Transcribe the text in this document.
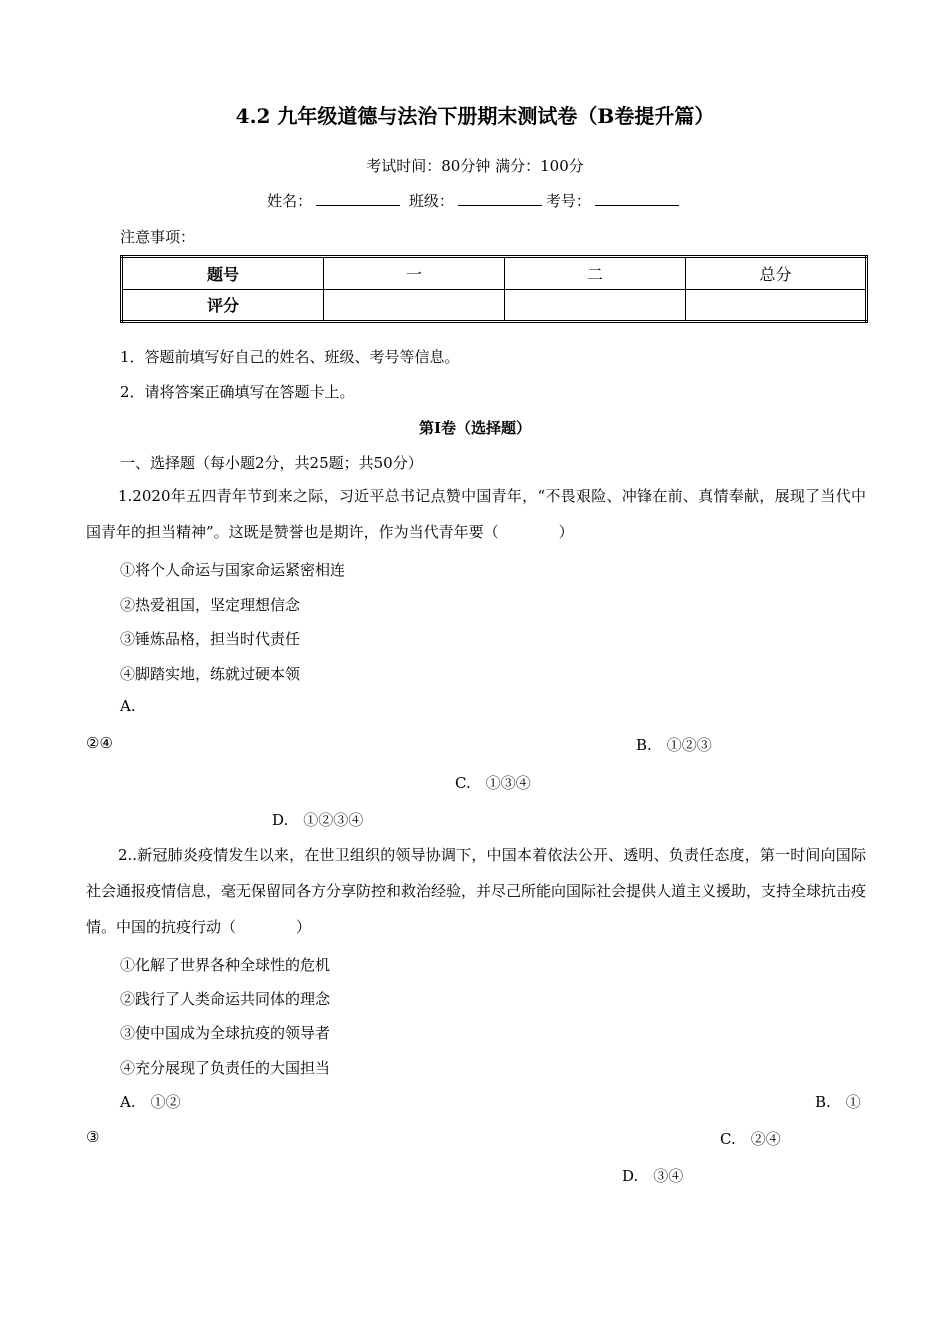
4.2 九年级道德与法治下册期末测试卷（B卷提升篇）
考试时间：80分钟 满分：100分
姓名：	班级：	考号：
注意事项：
题号	一	二	总分
评分			
1．答题前填写好自己的姓名、班级、考号等信息。
2．请将答案正确填写在答题卡上。
第I卷（选择题）
一、选择题（每小题2分，共25题；共50分）
1.2020年五四青年节到来之际，习近平总书记点赞中国青年，“不畏艰险、冲锋在前、真情奉献，展现了当代中国青年的担当精神”。这既是赞誉也是期许，作为当代青年要（　　　　）
①将个人命运与国家命运紧密相连
②热爱祖国，坚定理想信念
③锤炼品格，担当时代责任
④脚踏实地，练就过硬本领
A.
②④	B.　①②③
C.　①③④
D.　①②③④
2..新冠肺炎疫情发生以来，在世卫组织的领导协调下，中国本着依法公开、透明、负责任态度，第一时间向国际社会通报疫情信息，毫无保留同各方分享防控和救治经验，并尽己所能向国际社会提供人道主义援助，支持全球抗击疫情。中国的抗疫行动（　　　　）
①化解了世界各种全球性的危机
②践行了人类命运共同体的理念
③使中国成为全球抗疫的领导者
④充分展现了负责任的大国担当
A.　①②	B.　①
③	C.　②④
D.　③④
